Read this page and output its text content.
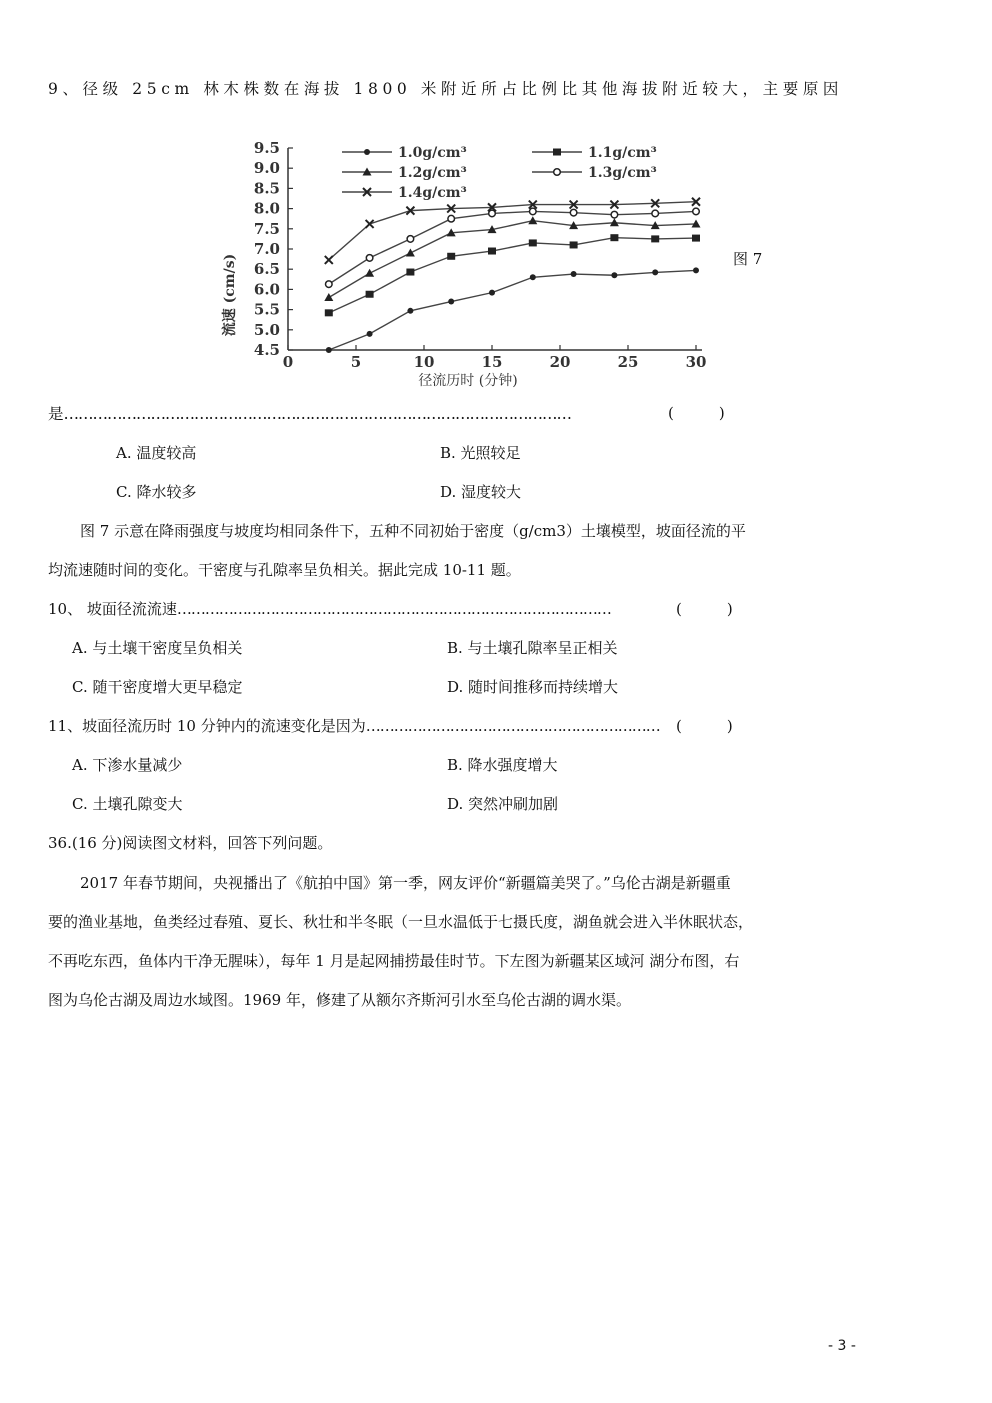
9、径级 25cm 林木株数在海拔 1800 米附近所占比例比其他海拔附近较大，主要原因
4.5
5.0
5.5
6.0
6.5
7.0
7.5
8.0
8.5
9.0
9.5
0	5	10	15	20	25	30
1.0g/cm³	1.1g/cm³
1.2g/cm³	1.3g/cm³
1.4g/cm³
流速 (cm/s)
径流历时 (分钟)
图 7
是……………………………………………………………………………………………	(　　　)
A. 温度较高	B. 光照较足
C. 降水较多	D. 湿度较大
图 7 示意在降雨强度与坡度均相同条件下，五种不同初始于密度（g/cm3）土壤模型，坡面径流的平
均流速随时间的变化。干密度与孔隙率呈负相关。据此完成 10-11 题。
10、 坡面径流流速…………………………………………………………………………………	(　　　)
A. 与土壤干密度呈负相关	B. 与土壤孔隙率呈正相关
C. 随干密度增大更早稳定	D. 随时间推移而持续增大
11、坡面径流历时 10 分钟内的流速变化是因为……………………………………………………… (　　　)
A. 下渗水量减少	B. 降水强度增大
C. 土壤孔隙变大	D. 突然冲刷加剧
36.(16 分)阅读图文材料，回答下列问题。
2017 年春节期间，央视播出了《航拍中国》第一季，网友评价“新疆篇美哭了。”乌伦古湖是新疆重
要的渔业基地，鱼类经过春殖、夏长、秋壮和半冬眠（一旦水温低于七摄氏度，湖鱼就会进入半休眠状态，
不再吃东西，鱼体内干净无腥味），每年 1 月是起网捕捞最佳时节。下左图为新疆某区域河 湖分布图，右
图为乌伦古湖及周边水域图。1969 年，修建了从额尔齐斯河引水至乌伦古湖的调水渠。
- 3 -
